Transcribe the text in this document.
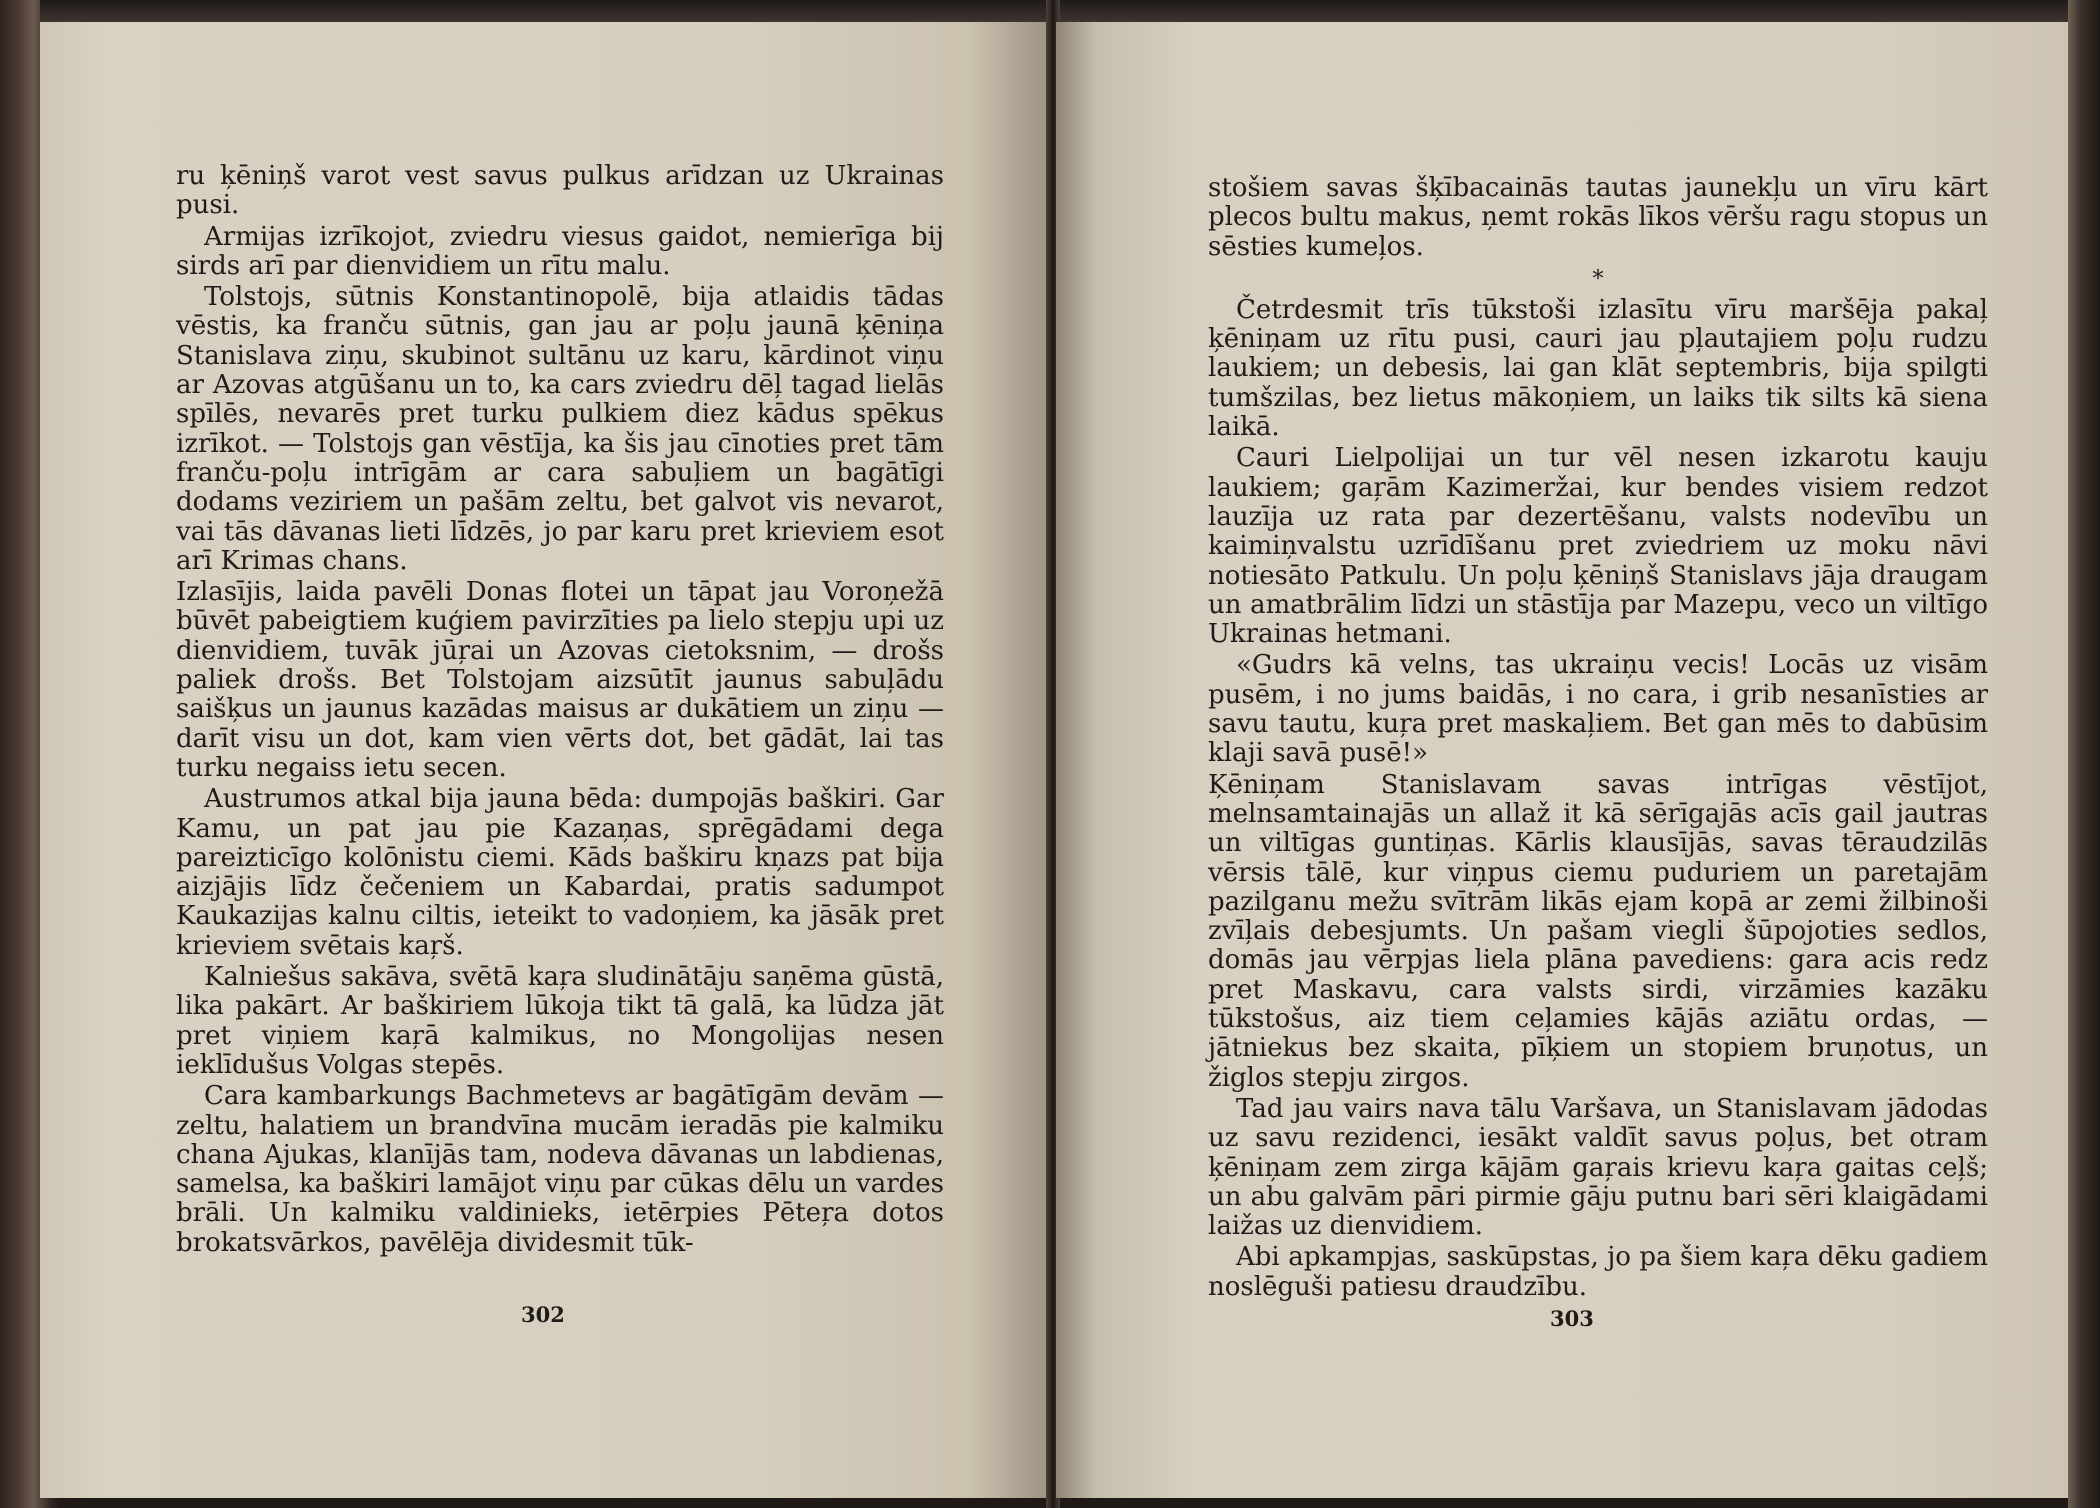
ru ķēniņš varot vest savus pulkus arīdzan uz Ukrainas pusi.

Armijas izrīkojot, zviedru viesus gaidot, nemierīga bij sirds arī par dienvidiem un rītu malu.

Tolstojs, sūtnis Konstantinopolē, bija atlaidis tādas vēstis, ka franču sūtnis, gan jau ar poļu jaunā ķēniņa Stanislava ziņu, skubinot sultānu uz karu, kārdinot viņu ar Azovas atgūšanu un to, ka cars zviedru dēļ tagad lielās spīlēs, nevarēs pret turku pulkiem diez kādus spēkus izrīkot. — Tolstojs gan vēstīja, ka šis jau cīnoties pret tām franču-poļu intrīgām ar cara sabuļiem un bagātīgi dodams veziriem un pašām zeltu, bet galvot vis nevarot, vai tās dāvanas lieti līdzēs, jo par karu pret krieviem esot arī Krimas chans.

Izlasījis, laida pavēli Donas flotei un tāpat jau Voroņežā būvēt pabeigtiem kuģiem pavirzīties pa lielo stepju upi uz dienvidiem, tuvāk jūŗai un Azovas cietoksnim, — drošs paliek drošs. Bet Tolstojam aizsūtīt jaunus sabuļādu saišķus un jaunus kazādas maisus ar dukātiem un ziņu — darīt visu un dot, kam vien vērts dot, bet gādāt, lai tas turku negaiss ietu secen.

Austrumos atkal bija jauna bēda: dumpojās baškiri. Gar Kamu, un pat jau pie Kazaņas, sprēgādami dega pareizticīgo kolōnistu ciemi. Kāds baškiru kņazs pat bija aizjājis līdz čečeniem un Kabardai, pratis sadumpot Kaukazijas kalnu ciltis, ieteikt to vadoņiem, ka jāsāk pret krieviem svētais kaŗš.

Kalniešus sakāva, svētā kaŗa sludinātāju saņēma gūstā, lika pakārt. Ar baškiriem lūkoja tikt tā galā, ka lūdza jāt pret viņiem kaŗā kalmikus, no Mongolijas nesen ieklīdušus Volgas stepēs.

Cara kambarkungs Bachmetevs ar bagātīgām devām — zeltu, halatiem un brandvīna mucām ieradās pie kalmiku chana Ajukas, klanījās tam, nodeva dāvanas un labdienas, samelsa, ka baškiri lamājot viņu par cūkas dēlu un vardes brāli. Un kalmiku valdinieks, ietērpies Pēteŗa dotos brokatsvārkos, pavēlēja dividesmit tūk-

302

stošiem savas šķībacainās tautas jaunekļu un vīru kārt plecos bultu makus, ņemt rokās līkos vēršu ragu stopus un sēsties kumeļos.

*

Četrdesmit trīs tūkstoši izlasītu vīru maršēja pakaļ ķēniņam uz rītu pusi, cauri jau pļautajiem poļu rudzu laukiem; un debesis, lai gan klāt septembris, bija spilgti tumšzilas, bez lietus mākoņiem, un laiks tik silts kā siena laikā.

Cauri Lielpolijai un tur vēl nesen izkarotu kauju laukiem; gaŗām Kazimeržai, kur bendes visiem redzot lauzīja uz rata par dezertēšanu, valsts nodevību un kaimiņvalstu uzrīdīšanu pret zviedriem uz moku nāvi notiesāto Patkulu. Un poļu ķēniņš Stanislavs jāja draugam un amatbrālim līdzi un stāstīja par Mazepu, veco un viltīgo Ukrainas hetmani.

«Gudrs kā velns, tas ukraiņu vecis! Locās uz visām pusēm, i no jums baidās, i no cara, i grib nesanīsties ar savu tautu, kuŗa pret maskaļiem. Bet gan mēs to dabūsim klaji savā pusē!»

Ķēniņam Stanislavam savas intrīgas vēstījot, melnsamtainajās un allaž it kā sērīgajās acīs gail jautras un viltīgas guntiņas. Kārlis klausījās, savas tēraudzilās vērsis tālē, kur viņpus ciemu puduriem un paretajām pazilganu mežu svītrām likās ejam kopā ar zemi žilbinoši zvīļais debesjumts. Un pašam viegli šūpojoties sedlos, domās jau vērpjas liela plāna pavediens: gara acis redz pret Maskavu, cara valsts sirdi, virzāmies kazāku tūkstošus, aiz tiem ceļamies kājās aziātu ordas, — jātniekus bez skaita, pīķiem un stopiem bruņotus, un žiglos stepju zirgos.

Tad jau vairs nava tālu Varšava, un Stanislavam jādodas uz savu rezidenci, iesākt valdīt savus poļus, bet otram ķēniņam zem zirga kājām gaŗais krievu kaŗa gaitas ceļš; un abu galvām pāri pirmie gāju putnu bari sēri klaigādami laižas uz dienvidiem.

Abi apkampjas, saskūpstas, jo pa šiem kaŗa dēku gadiem noslēguši patiesu draudzību.

303
